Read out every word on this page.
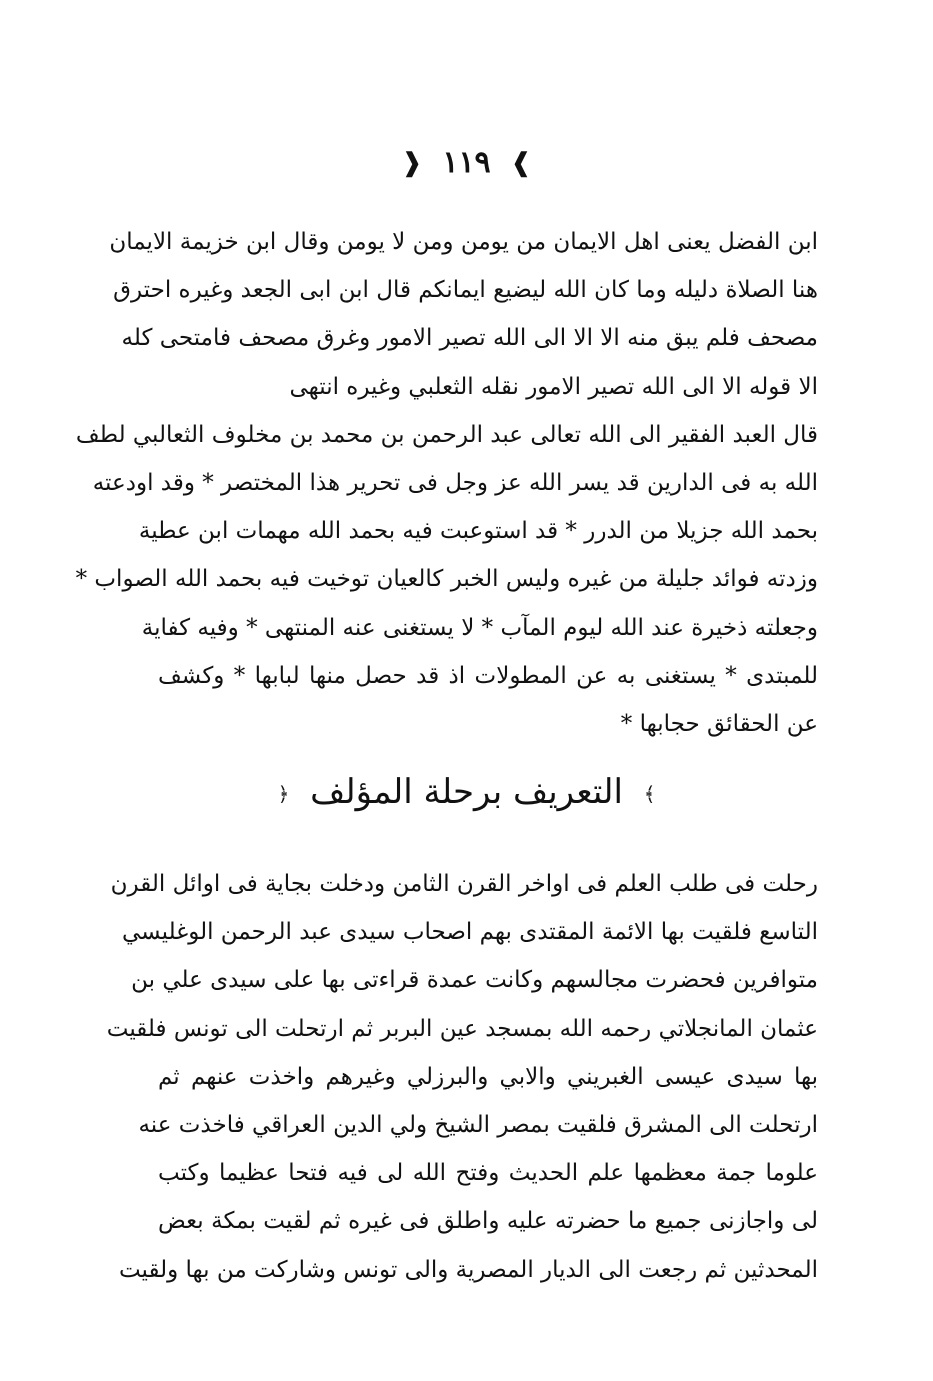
❱ ١١٩ ❰
ابن الفضل يعنى اهل الايمان من يومن ومن لا يومن وقال ابن خزيمة الايمان
هنا الصلاة دليله وما كان الله ليضيع ايمانكم قال ابن ابى الجعد وغيره احترق
مصحف فلم يبق منه الا الا الى الله تصير الامور وغرق مصحف فامتحى كله
الا قوله الا الى الله تصير الامور نقله الثعلبي وغيره انتهى
قال العبد الفقير الى الله تعالى عبد الرحمن بن محمد بن مخلوف الثعالبي لطف
الله به فى الدارين قد يسر الله عز وجل فى تحرير هذا المختصر * وقد اودعته
بحمد الله جزيلا من الدرر * قد استوعبت فيه بحمد الله مهمات ابن عطية
وزدته فوائد جليلة من غيره وليس الخبر كالعيان توخيت فيه بحمد الله الصواب *
وجعلته ذخيرة عند الله ليوم المآب * لا يستغنى عنه المنتهى * وفيه كفاية
للمبتدى * يستغنى به عن المطولات اذ قد حصل منها لبابها * وكشف
عن الحقائق حجابها *
﴾ التعريف برحلة المؤلف ﴿
رحلت فى طلب العلم فى اواخر القرن الثامن ودخلت بجاية فى اوائل القرن
التاسع فلقيت بها الائمة المقتدى بهم اصحاب سيدى عبد الرحمن الوغليسي
متوافرين فحضرت مجالسهم وكانت عمدة قراءتى بها على سيدى علي بن
عثمان المانجلاتي رحمه الله بمسجد عين البربر ثم ارتحلت الى تونس فلقيت
بها سيدى عيسى الغبريني والابي والبرزلي وغيرهم واخذت عنهم ثم
ارتحلت الى المشرق فلقيت بمصر الشيخ ولي الدين العراقي فاخذت عنه
علوما جمة معظمها علم الحديث وفتح الله لى فيه فتحا عظيما وكتب
لى واجازنى جميع ما حضرته عليه واطلق فى غيره ثم لقيت بمكة بعض
المحدثين ثم رجعت الى الديار المصرية والى تونس وشاركت من بها ولقيت
